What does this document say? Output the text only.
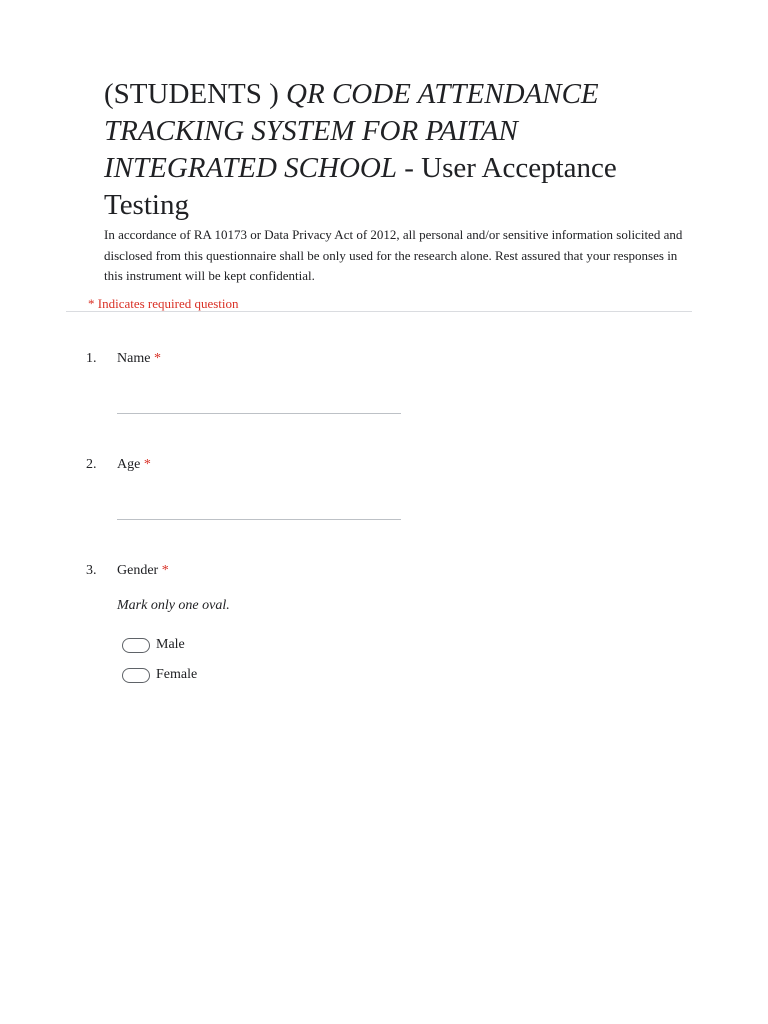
(STUDENTS ) QR CODE ATTENDANCE TRACKING SYSTEM FOR PAITAN INTEGRATED SCHOOL - User Acceptance Testing

In accordance of RA 10173 or Data Privacy Act of 2012, all personal and/or sensitive information solicited and disclosed from this questionnaire shall be only used for the research alone. Rest assured that your responses in this instrument will be kept confidential.

* Indicates required question
1.	Name *
2.	Age *
3.	Gender *
Mark only one oval.
Male
Female
